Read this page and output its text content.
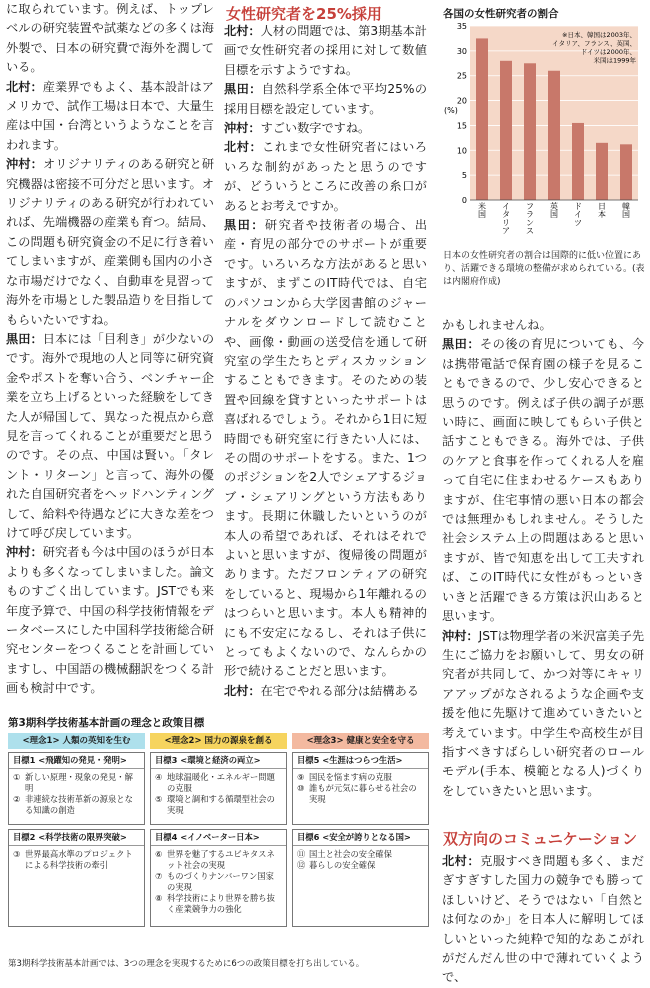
女性研究者を25%採用

に取られています。例えば、トップレベルの研究装置や試薬などの多くは海外製で、日本の研究費で海外を潤している。

北村：産業界でもよく、基本設計はアメリカで、試作工場は日本で、大量生産は中国・台湾というようなことを言われます。

沖村：オリジナリティのある研究と研究機器は密接不可分だと思います。オリジナリティのある研究が行われていれば、先端機器の産業も育つ。結局、この問題も研究資金の不足に行き着いてしまいますが、産業側も国内の小さな市場だけでなく、自動車を見習って海外を市場とした製品造りを目指してもらいたいですね。

黒田：日本には「目利き」が少ないのです。海外で現地の人と同等に研究資金やポストを奪い合う、ベンチャー企業を立ち上げるといった経験をしてきた人が帰国して、異なった視点から意見を言ってくれることが重要だと思うのです。その点、中国は賢い。「タレント・リターン」と言って、海外の優れた自国研究者をヘッドハンティングして、給料や待遇などに大きな差をつけて呼び戻しています。

沖村：研究者も今は中国のほうが日本よりも多くなってしまいました。論文ものすごく出しています。JSTでも来年度予算で、中国の科学技術情報をデータベースにした中国科学技術総合研究センターをつくることを計画していますし、中国語の機械翻訳をつくる計画も検討中です。

北村：人材の問題では、第3期基本計画で女性研究者の採用に対して数値目標を示すようですね。

黒田：自然科学系全体で平均25%の採用目標を設定しています。

沖村：すごい数字ですね。

北村：これまで女性研究者にはいろいろな制約があったと思うのですが、どういうところに改善の糸口があるとお考えですか。

黒田：研究者や技術者の場合、出産・育児の部分でのサポートが重要です。いろいろな方法があると思いますが、まずこのIT時代では、自宅のパソコンから大学図書館のジャーナルをダウンロードして読むことや、画像・動画の送受信を通して研究室の学生たちとディスカッションすることもできます。そのための装置や回線を貸すといったサポートは喜ばれるでしょう。それから1日に短時間でも研究室に行きたい人には、その間のサポートをする。また、1つのポジションを2人でシェアするジョブ・シェアリングという方法もあります。長期に休職したいというのが本人の希望であれば、それはそれでよいと思いますが、復帰後の問題があります。ただフロンティアの研究をしていると、現場から1年離れるのはつらいと思います。本人も精神的にも不安定になるし、それは子供にとってもよくないので、なんらかの形で続けることだと思います。

北村：在宅でやれる部分は結構ある

かもしれませんね。

黒田：その後の育児についても、今は携帯電話で保育園の様子を見ることもできるので、少し安心できると思うのです。例えば子供の調子が悪い時に、画面に映してもらい子供と話すこともできる。海外では、子供のケアと食事を作ってくれる人を雇って自宅に住まわせるケースもありますが、住宅事情の悪い日本の都会では無理かもしれません。そうした社会システム上の問題はあると思いますが、皆で知恵を出して工夫すれば、このIT時代に女性がもっといきいきと活躍できる方策は沢山あると思います。

沖村：JSTは物理学者の米沢富美子先生にご協力をお願いして、男女の研究者が共同して、かつ対等にキャリアアップがなされるような企画や支援を他に先駆けて進めていきたいと考えています。中学生や高校生が目指すべきすばらしい研究者のロールモデル(手本、模範となる人)づくりをしていきたいと思います。

双方向のコミュニケーション

北村：克服すべき問題も多く、まだぎすぎすした国力の競争でも勝ってほしいけど、そうではない「自然とは何なのか」を日本人に解明してほしいといった純粋で知的なあこがれがだんだん世の中で薄れていくようで、

各国の女性研究者の割合
0
5
10
15
20
25
30
35
(%)
米国
イタリア
フランス
英国
ドイツ
日本
韓国
※日本、韓国は2003年、イタリア、フランス、英国、ドイツは2000年、米国は1999年
日本の女性研究者の割合は国際的に低い位置にあり、活躍できる環境の整備が求められている。(表は内閣府作成)
第3期科学技術基本計画の理念と政策目標
<理念1> 人類の英知を生む
目標1 <飛躍知の発見・発明>
① 新しい原理・現象の発見・解明
② 非連続な技術革新の源泉となる知識の創造
目標2 <科学技術の限界突破>
③ 世界最高水準のプロジェクトによる科学技術の牽引
<理念2> 国力の源泉を創る
目標3 <環境と経済の両立>
④ 地球温暖化・エネルギー問題の克服
⑤ 環境と調和する循環型社会の実現
目標4 <イノベーター日本>
⑥ 世界を魅了するユビキタスネット社会の実現
⑦ ものづくりナンバーワン国家の実現
⑧ 科学技術により世界を勝ち抜く産業競争力の強化
<理念3> 健康と安全を守る
目標5 <生涯はつらつ生活>
⑨ 国民を悩ます病の克服
⑩ 誰もが元気に暮らせる社会の実現
目標6 <安全が誇りとなる国>
⑪ 国土と社会の安全確保
⑫ 暮らしの安全確保
第3期科学技術基本計画では、3つの理念を実現するために6つの政策目標を打ち出している。
